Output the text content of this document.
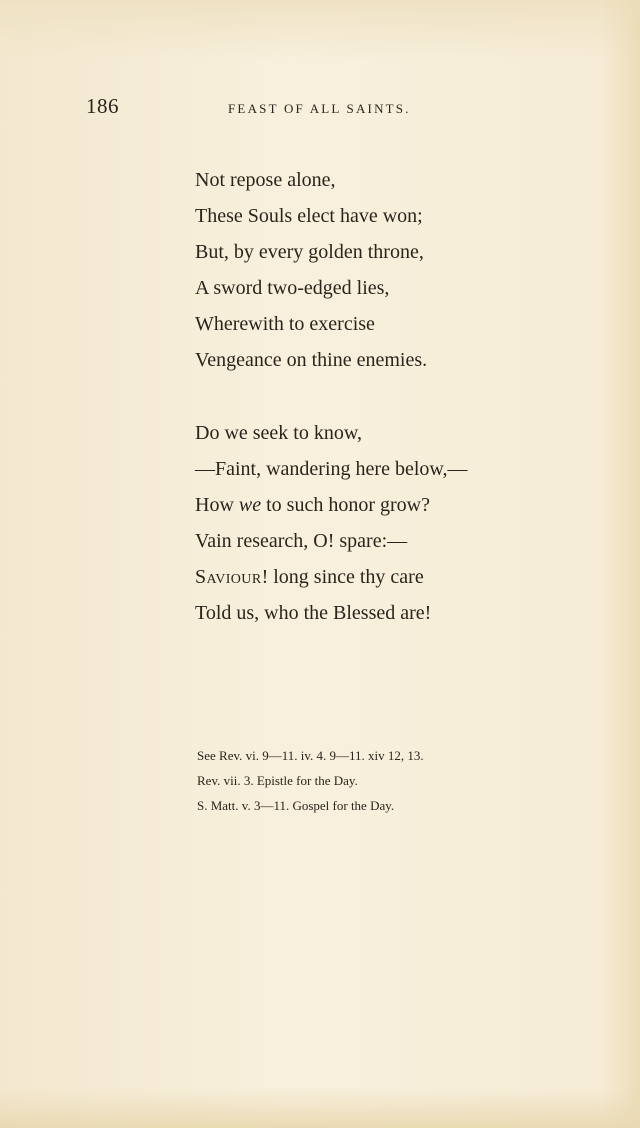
186	FEAST OF ALL SAINTS.
Not repose alone,
These Souls elect have won;
But, by every golden throne,
A sword two-edged lies,
Wherewith to exercise
Vengeance on thine enemies.
Do we seek to know,
—Faint, wandering here below,—
How we to such honor grow?
Vain research, O! spare:—
Saviour! long since thy care
Told us, who the Blessed are!
See Rev. vi. 9—11. iv. 4. 9—11. xiv 12, 13.
Rev. vii. 3. Epistle for the Day.
S. Matt. v. 3—11. Gospel for the Day.
